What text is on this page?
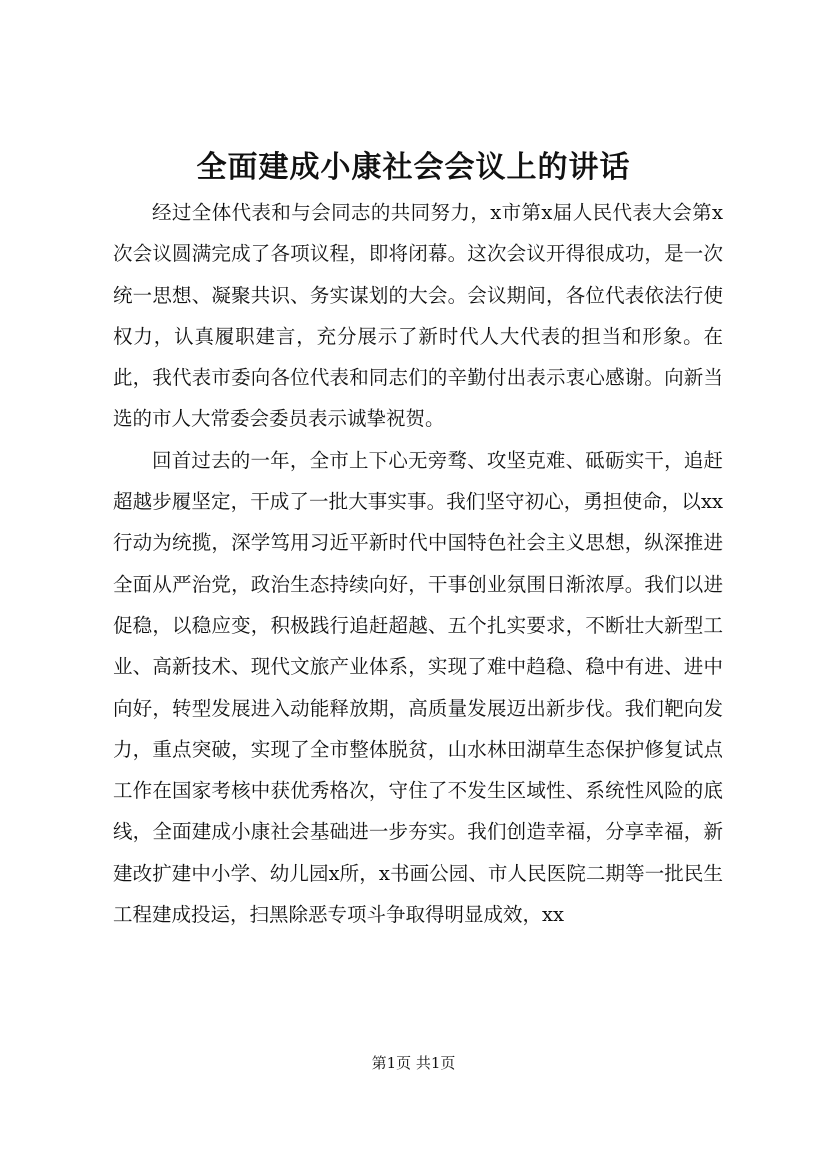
全面建成小康社会会议上的讲话

经过全体代表和与会同志的共同努力，x市第x届人民代表大会第x次会议圆满完成了各项议程，即将闭幕。这次会议开得很成功，是一次统一思想、凝聚共识、务实谋划的大会。会议期间，各位代表依法行使权力，认真履职建言，充分展示了新时代人大代表的担当和形象。在此，我代表市委向各位代表和同志们的辛勤付出表示衷心感谢。向新当选的市人大常委会委员表示诚挚祝贺。

回首过去的一年，全市上下心无旁骛、攻坚克难、砥砺实干，追赶超越步履坚定，干成了一批大事实事。我们坚守初心，勇担使命，以xx行动为统揽，深学笃用习近平新时代中国特色社会主义思想，纵深推进全面从严治党，政治生态持续向好，干事创业氛围日渐浓厚。我们以进促稳，以稳应变，积极践行追赶超越、五个扎实要求，不断壮大新型工业、高新技术、现代文旅产业体系，实现了难中趋稳、稳中有进、进中向好，转型发展进入动能释放期，高质量发展迈出新步伐。我们靶向发力，重点突破，实现了全市整体脱贫，山水林田湖草生态保护修复试点工作在国家考核中获优秀格次，守住了不发生区域性、系统性风险的底线，全面建成小康社会基础进一步夯实。我们创造幸福，分享幸福，新建改扩建中小学、幼儿园x所，x书画公园、市人民医院二期等一批民生工程建成投运，扫黑除恶专项斗争取得明显成效，xx

第1页 共1页
